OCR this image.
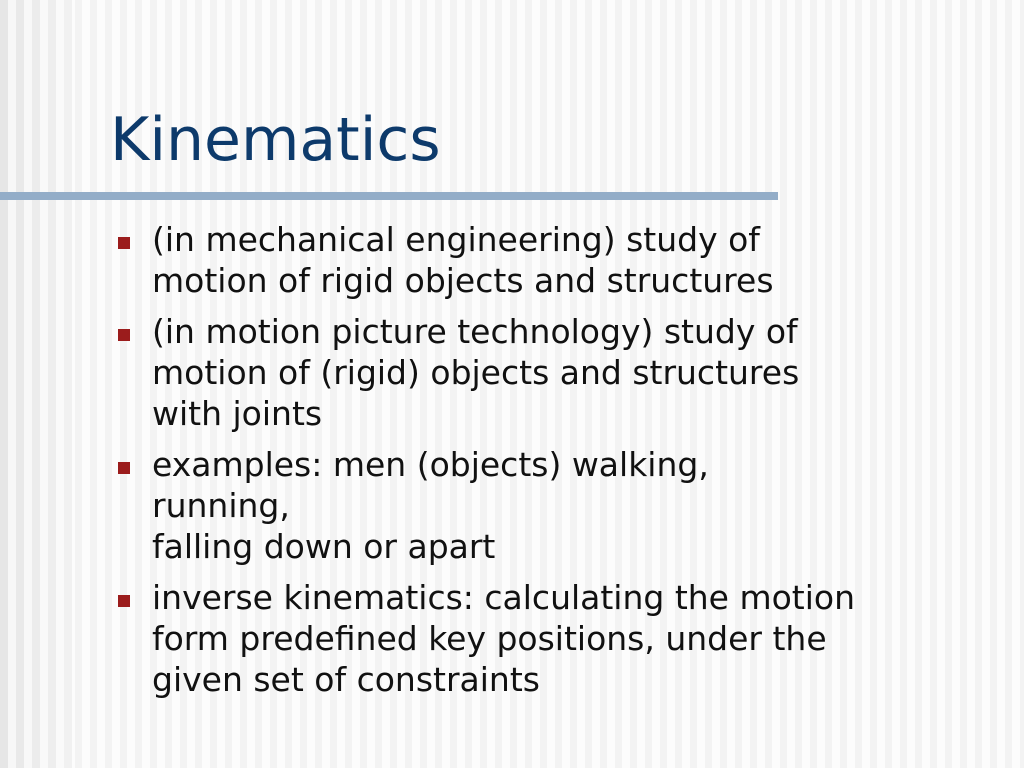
Kinematics
(in mechanical engineering) study of
motion of rigid objects and structures
(in motion picture technology) study of
motion of (rigid) objects and structures
with joints
examples: men (objects) walking,
running,
falling down or apart
inverse kinematics: calculating the motion
form predefined key positions, under the
given set of constraints
